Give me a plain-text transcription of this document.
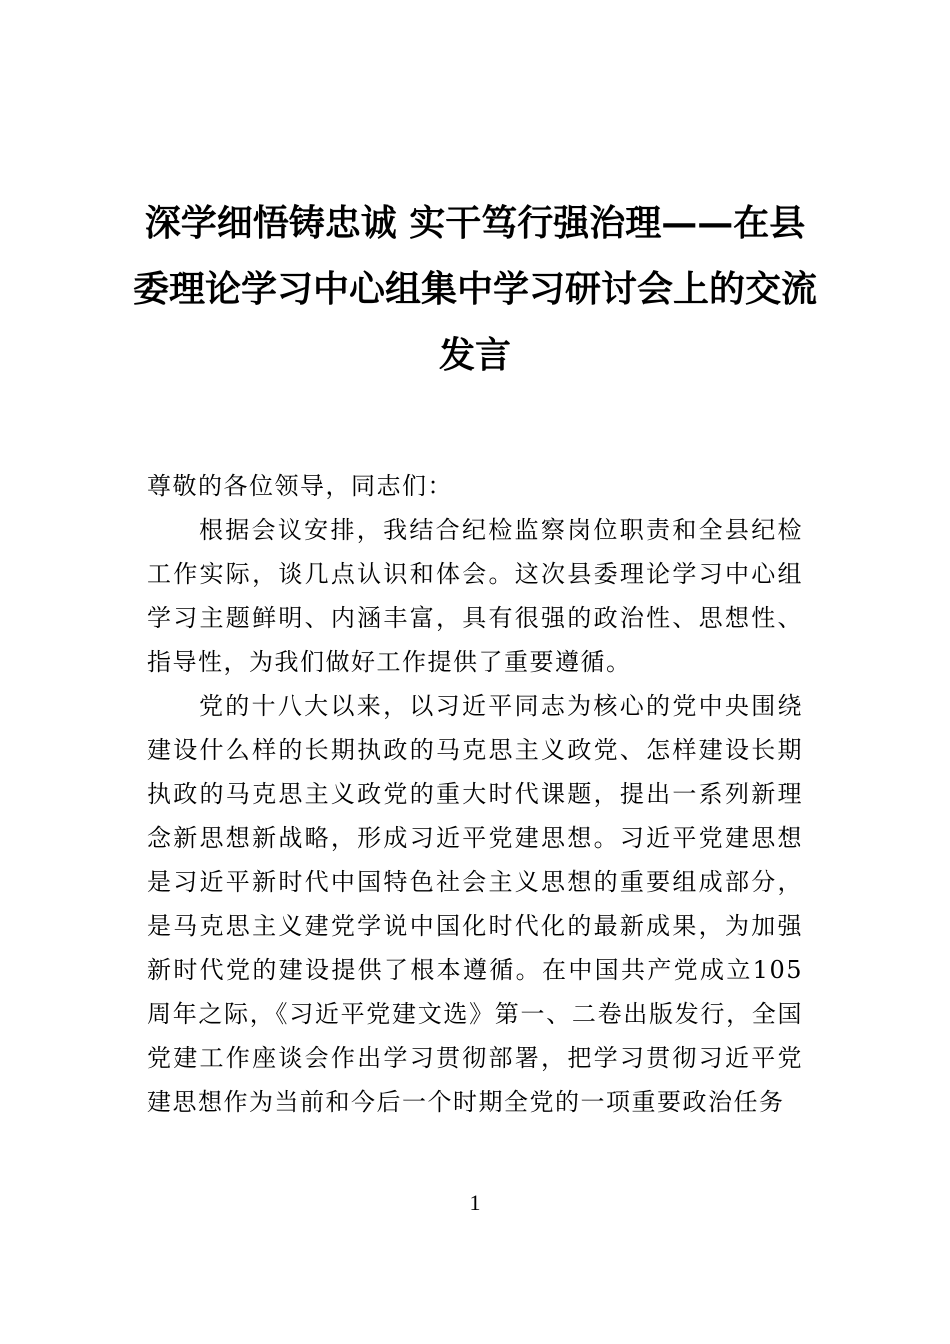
深学细悟铸忠诚 实干笃行强治理——在县委理论学习中心组集中学习研讨会上的交流发言

尊敬的各位领导，同志们：

根据会议安排，我结合纪检监察岗位职责和全县纪检工作实际，谈几点认识和体会。这次县委理论学习中心组学习主题鲜明、内涵丰富，具有很强的政治性、思想性、指导性，为我们做好工作提供了重要遵循。

党的十八大以来，以习近平同志为核心的党中央围绕建设什么样的长期执政的马克思主义政党、怎样建设长期执政的马克思主义政党的重大时代课题，提出一系列新理念新思想新战略，形成习近平党建思想。习近平党建思想是习近平新时代中国特色社会主义思想的重要组成部分，是马克思主义建党学说中国化时代化的最新成果，为加强新时代党的建设提供了根本遵循。在中国共产党成立105周年之际，《习近平党建文选》第一、二卷出版发行，全国党建工作座谈会作出学习贯彻部署，把学习贯彻习近平党建思想作为当前和今后一个时期全党的一项重要政治任务

1
